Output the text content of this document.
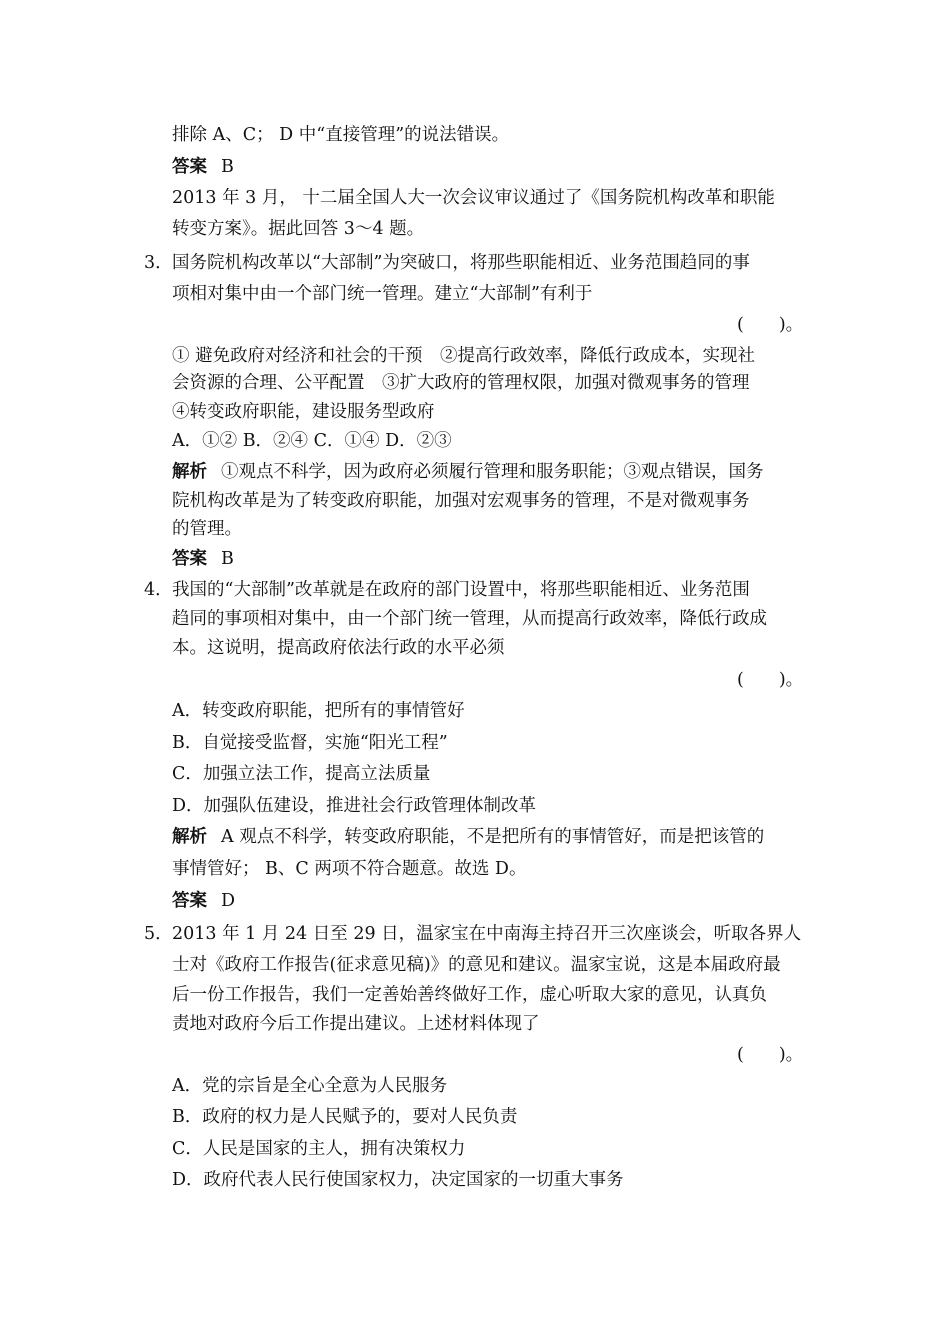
排除 A、C； D 中“直接管理”的说法错误。
答案 B
2013 年 3 月， 十二届全国人大一次会议审议通过了《国务院机构改革和职能
转变方案》。据此回答 3～4 题。
3． 国务院机构改革以“大部制”为突破口，将那些职能相近、业务范围趋同的事
项相对集中由一个部门统一管理。建立“大部制”有利于
(　　)。
① 避免政府对经济和社会的干预　②提高行政效率，降低行政成本，实现社
会资源的合理、公平配置　③扩大政府的管理权限，加强对微观事务的管理
④转变政府职能，建设服务型政府
A．①② B．②④ C．①④ D．②③
解析 ①观点不科学，因为政府必须履行管理和服务职能；③观点错误，国务
院机构改革是为了转变政府职能，加强对宏观事务的管理，不是对微观事务
的管理。
答案 B
4． 我国的“大部制”改革就是在政府的部门设置中，将那些职能相近、业务范围
趋同的事项相对集中，由一个部门统一管理，从而提高行政效率，降低行政成
本。这说明，提高政府依法行政的水平必须
(　　)。
A．转变政府职能，把所有的事情管好
B．自觉接受监督，实施“阳光工程”
C．加强立法工作，提高立法质量
D．加强队伍建设，推进社会行政管理体制改革
解析 A 观点不科学，转变政府职能，不是把所有的事情管好，而是把该管的
事情管好； B、C 两项不符合题意。故选 D。
答案 D
5． 2013 年 1 月 24 日至 29 日，温家宝在中南海主持召开三次座谈会，听取各界人
士对《政府工作报告(征求意见稿)》的意见和建议。温家宝说，这是本届政府最
后一份工作报告，我们一定善始善终做好工作，虚心听取大家的意见，认真负
责地对政府今后工作提出建议。上述材料体现了
(　　)。
A．党的宗旨是全心全意为人民服务
B．政府的权力是人民赋予的，要对人民负责
C．人民是国家的主人，拥有决策权力
D．政府代表人民行使国家权力，决定国家的一切重大事务
